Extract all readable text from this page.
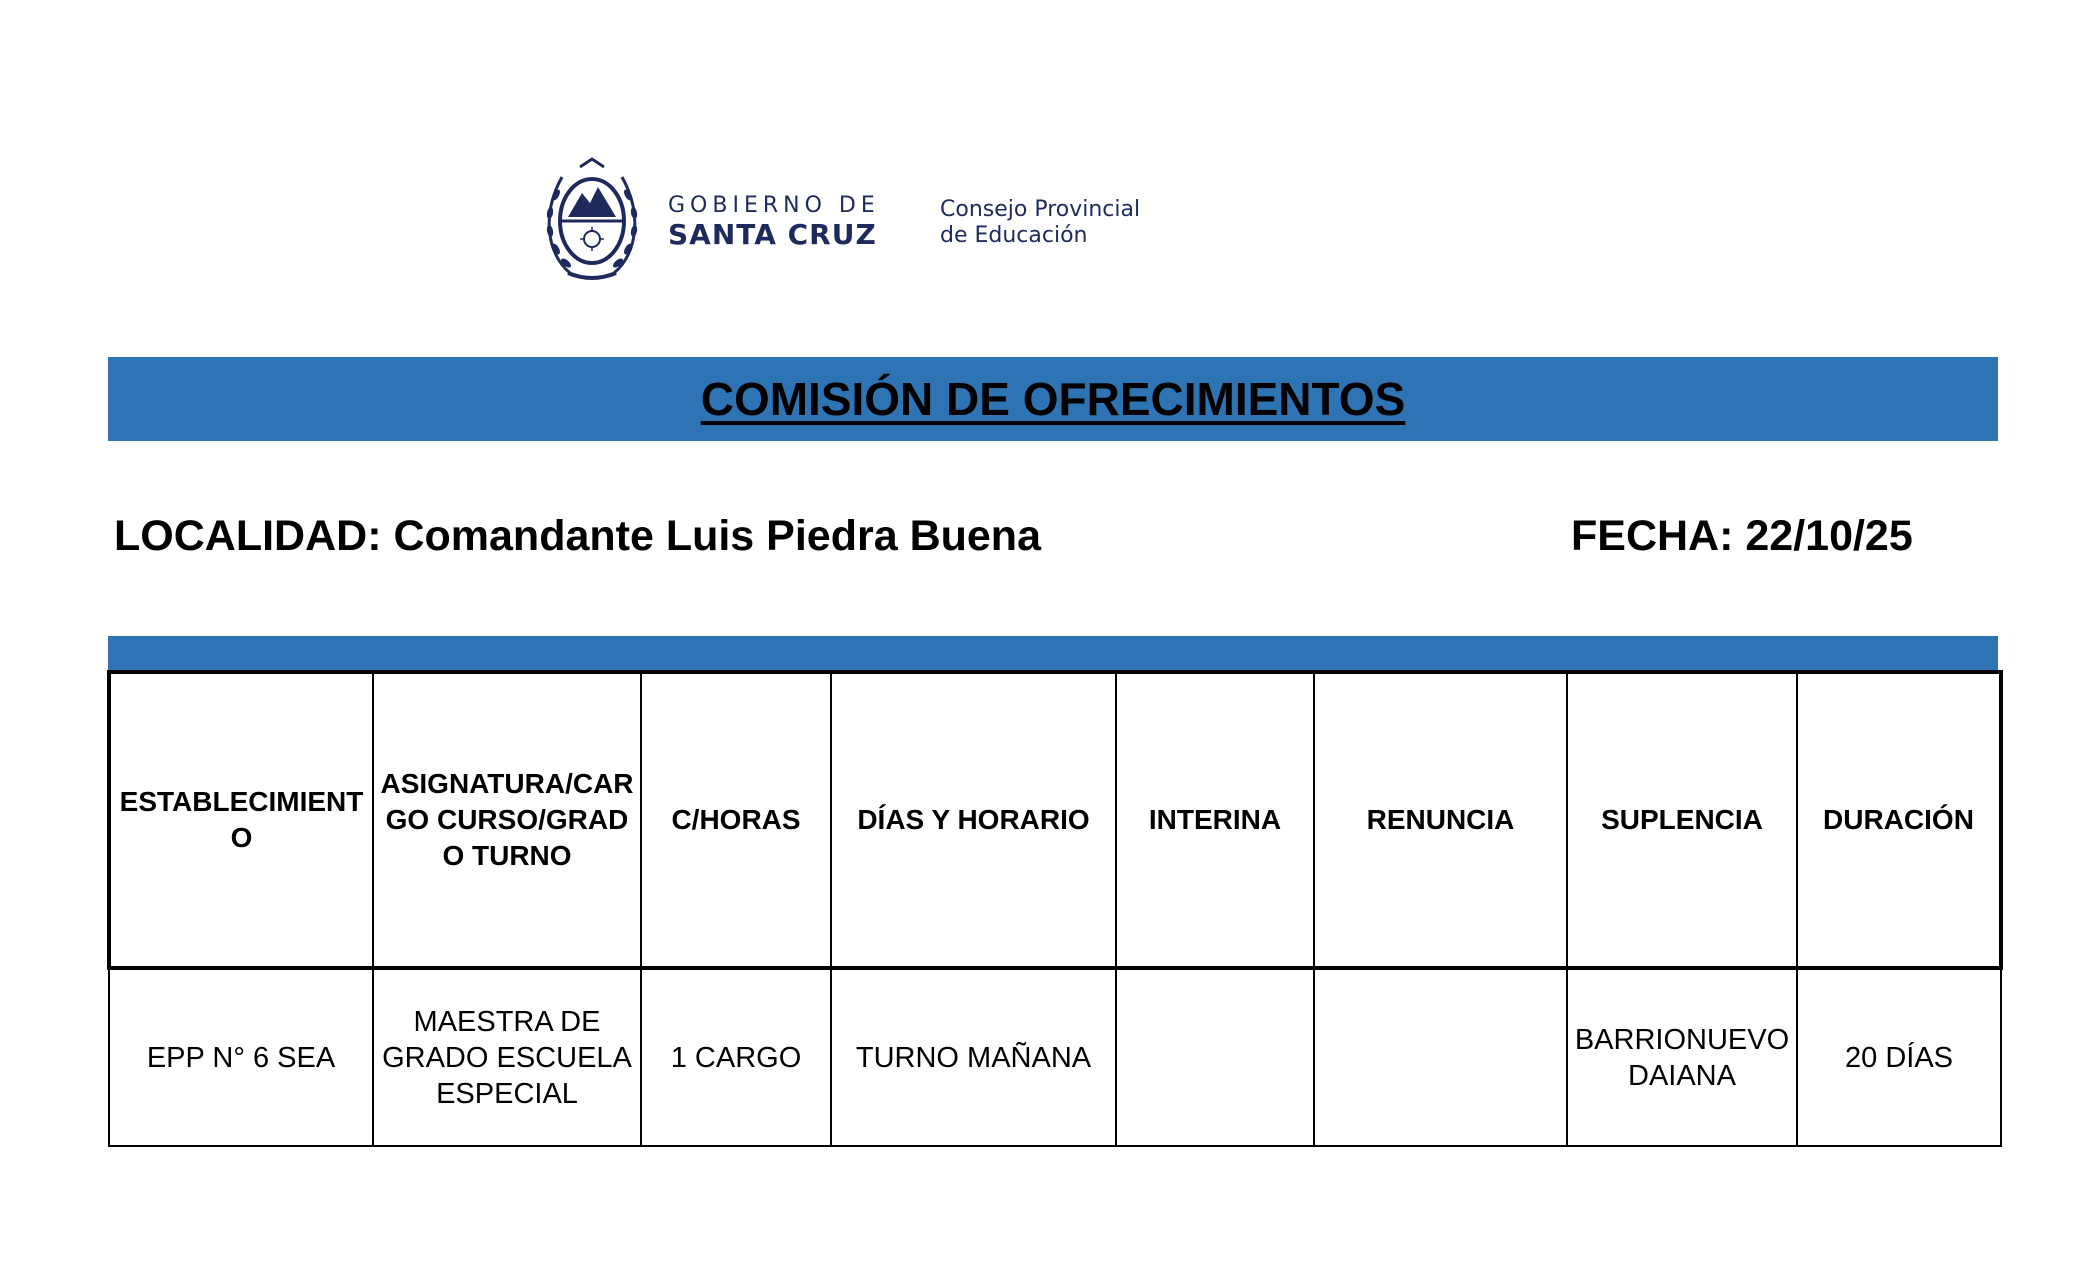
GOBIERNO DE
SANTA CRUZ
Consejo Provincial
de Educación
COMISIÓN DE OFRECIMIENTOS
LOCALIDAD: Comandante Luis Piedra Buena	FECHA: 22/10/25
ESTABLECIMIENTO	ASIGNATURA/CARGO CURSO/GRADO TURNO	C/HORAS	DÍAS Y HORARIO	INTERINA	RENUNCIA	SUPLENCIA	DURACIÓN
EPP N° 6 SEA	MAESTRA DE GRADO ESCUELA ESPECIAL	1 CARGO	TURNO MAÑANA			BARRIONUEVO DAIANA	20 DÍAS
